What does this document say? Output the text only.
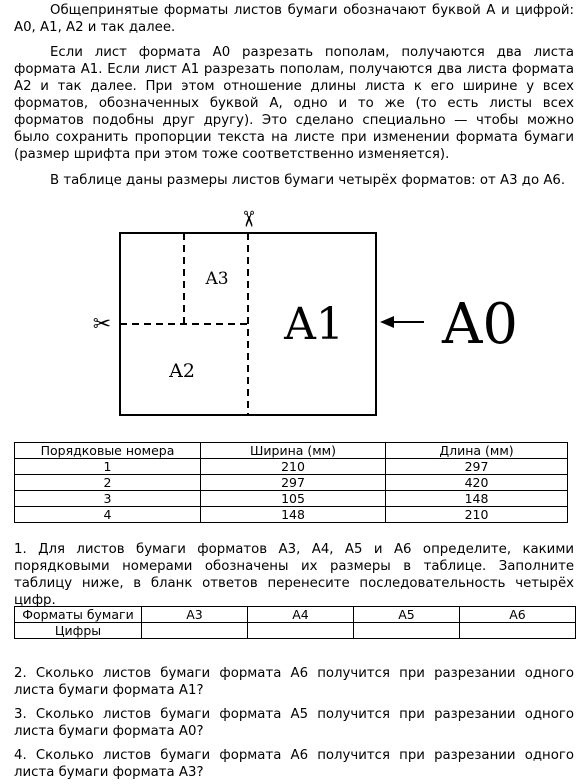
Общепринятые форматы листов бумаги обозначают буквой А и цифрой: А0, А1, А2 и так далее.

Если лист формата А0 разрезать пополам, получаются два листа формата А1. Если лист А1 разрезать пополам, получаются два листа формата А2 и так далее. При этом отношение длины листа к его ширине у всех форматов, обозначенных буквой А, одно и то же (то есть листы всех форматов подобны друг другу). Это сделано специально — чтобы можно было сохранить пропорции текста на листе при изменении формата бумаги (размер шрифта при этом тоже соответственно изменяется).

В таблице даны размеры листов бумаги четырёх форматов: от А3 до А6.

✂
✂
A3
A2
A1 A0
Порядковые номера	Ширина (мм)	Длина (мм)
1	210	297
2	297	420
3	105	148
4	148	210

1. Для листов бумаги форматов А3, А4, А5 и А6 определите, какими порядковыми номерами обозначены их размеры в таблице. Заполните таблицу ниже, в бланк ответов перенесите последовательность четырёх цифр.

Форматы бумаги	А3	А4	А5	А6
Цифры				

2. Сколько листов бумаги формата А6 получится при разрезании одного листа бумаги формата А1?

3. Сколько листов бумаги формата А5 получится при разрезании одного листа бумаги формата А0?

4. Сколько листов бумаги формата А6 получится при разрезании одного листа бумаги формата А3?
